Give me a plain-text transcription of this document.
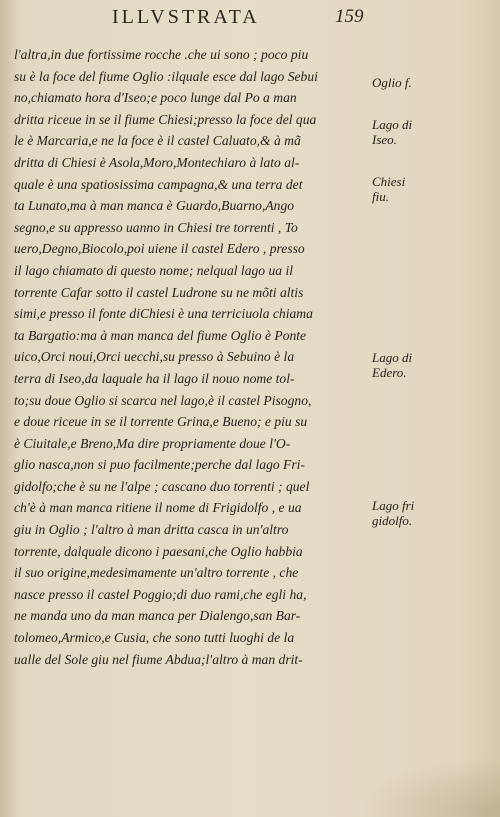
ILLVSTRATA	159
l'altra,in due fortissime rocche .che ui sono ; poco piu
su è la foce del fiume Oglio :ilquale esce dal lago Sebui
no,chiamato hora d'Iseo;e poco lunge dal Po a man
dritta riceue in se il fiume Chiesi;presso la foce del qua
le è Marcaria,e ne la foce è il castel Caluato,& à mã
dritta di Chiesi è Asola,Moro,Montechiaro à lato al-
quale è una spatiosissima campagna,& una terra det
ta Lunato,ma à man manca è Guardo,Buarno,Ango
segno,e su appresso uanno in Chiesi tre torrenti , To
uero,Degno,Biocolo,poi uiene il castel Edero , presso
il lago chiamato di questo nome; nelqual lago ua il
torrente Cafar sotto il castel Ludrone su ne mõti altis
simi,e presso il fonte diChiesi è una terriciuola chiama
ta Bargatio:ma à man manca del fiume Oglio è Ponte
uico,Orci noui,Orci uecchi,su presso à Sebuino è la
terra di Iseo,da laquale ha il lago il nouo nome tol-
to;su doue Oglio si scarca nel lago,è il castel Pisogno,
e doue riceue in se il torrente Grina,e Bueno; e piu su
è Ciuitale,e Breno,Ma dire propriamente doue l'O-
glio nasca,non si puo facilmente;perche dal lago Fri-
gidolfo;che è su ne l'alpe ; cascano duo torrenti ; quel
ch'è à man manca ritiene il nome di Frigidolfo , e ua
giu in Oglio ; l'altro à man dritta casca in un'altro
torrente, dalquale dicono i paesani,che Oglio habbia
il suo origine,medesimamente un'altro torrente , che
nasce presso il castel Poggio;di duo rami,che egli ha,
ne manda uno da man manca per Dialengo,san Bar-
tolomeo,Armico,e Cusia, che sono tutti luoghi de la
ualle del Sole giu nel fiume Abdua;l'altro à man drit-
Oglio f.
Lago di
Iseo.
Chiesi
fiu.
Lago di
Edero.
Lago fri
gidolfo.
